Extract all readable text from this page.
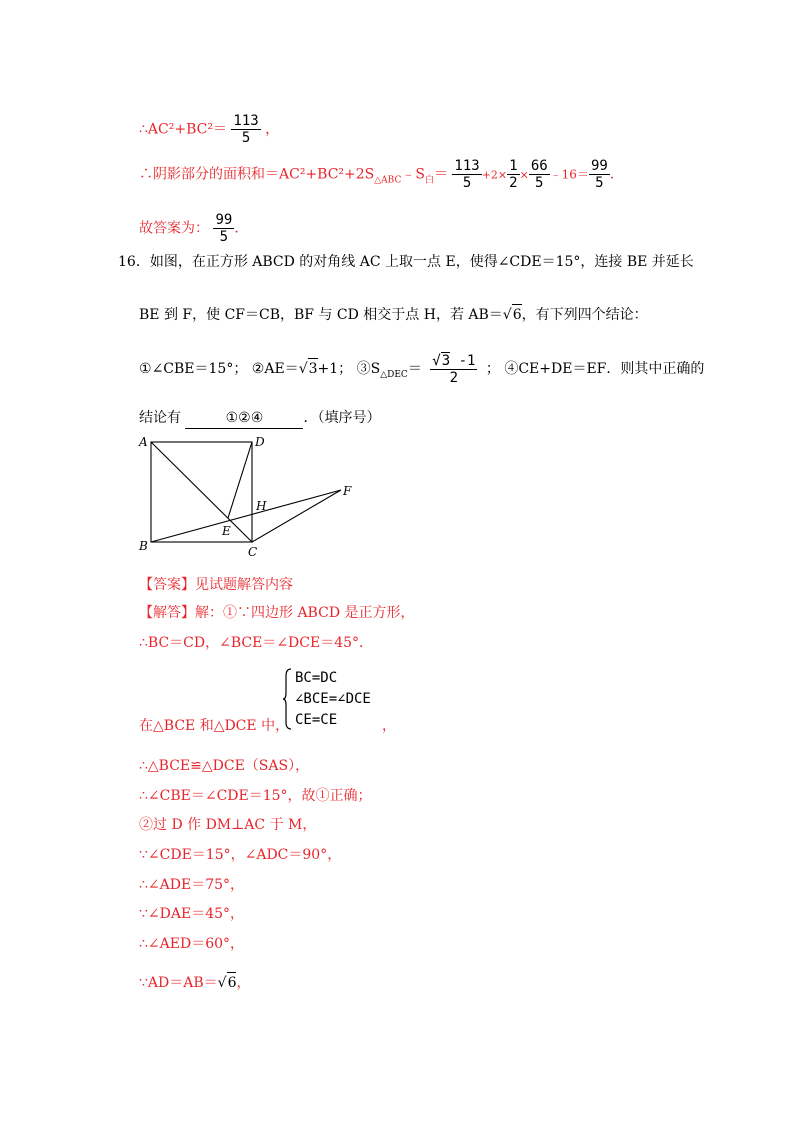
∴AC²+BC²＝ $\frac{113}{5}$ ，
∴阴影部分的面积和$=AC^2+BC^2+2S_{\triangle ABC}﹣S_白= \frac{113}{5} +2\times \frac{1}{2} \times \frac{66}{5}$ ﹣16＝ $\frac{99}{5}$ ．
故答案为： $\frac{99}{5}$ ．
16．如图，在正方形 ABCD 的对角线 AC 上取一点 E，使得∠CDE＝15°，连接 BE 并延长
BE 到 F，使 CF＝CB，BF 与 CD 相交于点 H，若 AB＝√6，有下列四个结论：
①∠CBE＝15°； ②AE＝√3+1； $③S_{\triangle DEC}= \frac{√3 -1}{2}$ ； ④CE+DE＝EF．则其中正确的
结论有	①②④	．（填序号）
A	D
B	C
E
H
F
【答案】见试题解答内容
【解答】解：①∵四边形 ABCD 是正方形，
∴BC＝CD，∠BCE＝∠DCE＝45°．
在△BCE 和△DCE 中，
BC=DC
∠BCE=∠DCE
CE=CE	，
∴△BCE≌△DCE（SAS），
∴∠CBE＝∠CDE＝15°，故①正确；
②过 D 作 DM⊥AC 于 M，
∵∠CDE＝15°，∠ADC＝90°，
∴∠ADE＝75°，
∵∠DAE＝45°，
∴∠AED＝60°，
∵AD＝AB＝√6，
